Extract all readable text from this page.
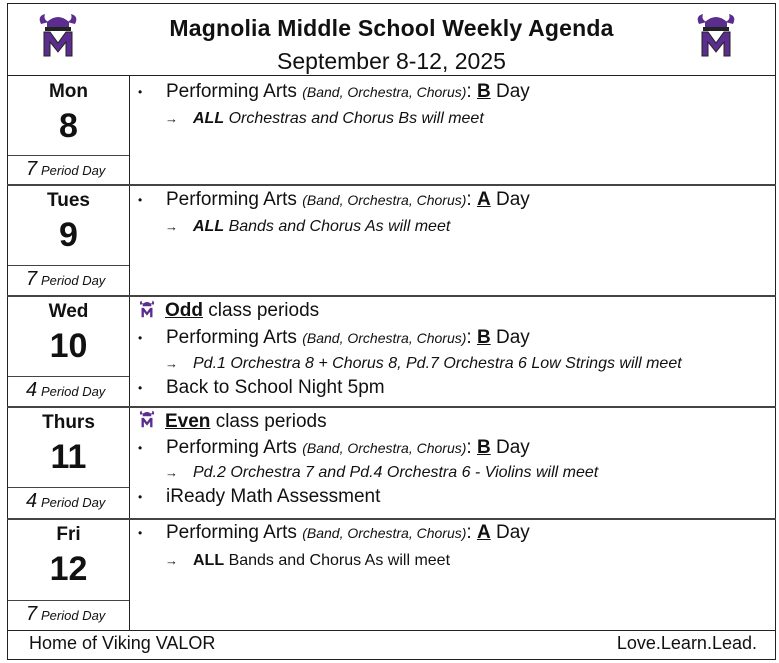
Magnolia Middle School Weekly Agenda
September 8-12, 2025
Mon
8
7 Period Day
• Performing Arts (Band, Orchestra, Chorus): B Day
→ ALL Orchestras and Chorus Bs will meet
Tues
9
7 Period Day
• Performing Arts (Band, Orchestra, Chorus): A Day
→ ALL Bands and Chorus As will meet
Wed
10
4 Period Day
Odd class periods
• Performing Arts (Band, Orchestra, Chorus): B Day
→ Pd.1 Orchestra 8 + Chorus 8, Pd.7 Orchestra 6 Low Strings will meet
• Back to School Night 5pm
Thurs
11
4 Period Day
Even class periods
• Performing Arts (Band, Orchestra, Chorus): B Day
→ Pd.2 Orchestra 7 and Pd.4 Orchestra 6 - Violins will meet
• iReady Math Assessment
Fri
12
7 Period Day
• Performing Arts (Band, Orchestra, Chorus): A Day
→ ALL Bands and Chorus As will meet
Home of Viking VALOR	Love.Learn.Lead.
